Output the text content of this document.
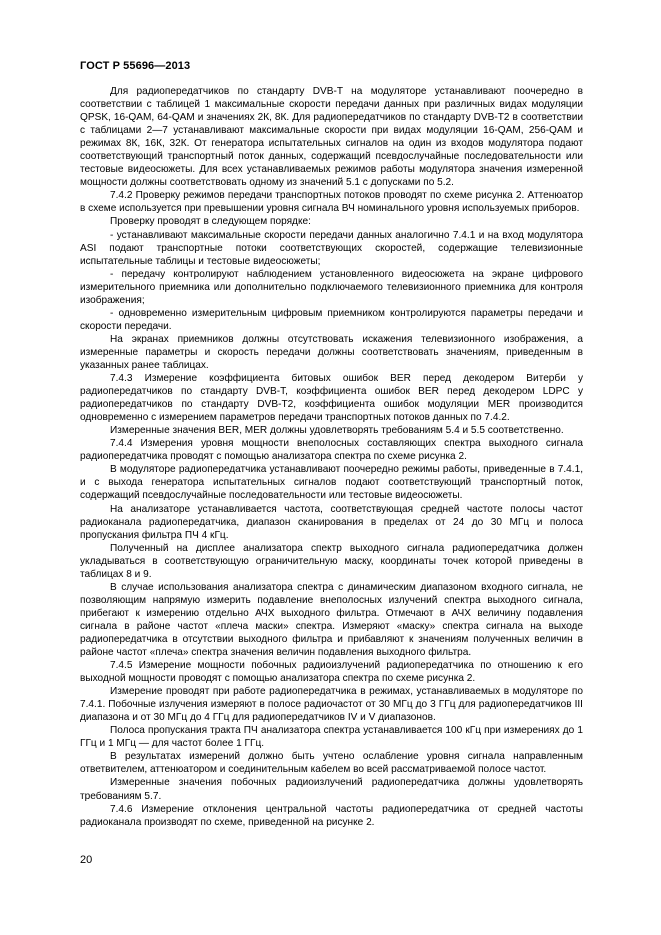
ГОСТ Р 55696—2013

Для радиопередатчиков по стандарту DVB-T на модуляторе устанавливают поочередно в соответствии с таблицей 1 максимальные скорости передачи данных при различных видах модуляции QPSK, 16-QAM, 64-QAM и значениях 2К, 8К. Для радиопередатчиков по стандарту DVB-T2 в соответствии с таблицами 2—7 устанавливают максимальные скорости при видах модуляции 16-QAM, 256-QAM и режимах 8К, 16К, 32К. От генератора испытательных сигналов на один из входов модулятора подают соответствующий транспортный поток данных, содержащий псевдослучайные последовательности или тестовые видеосюжеты. Для всех устанавливаемых режимов работы модулятора значения измеренной мощности должны соответствовать одному из значений 5.1 с допусками по 5.2.

7.4.2 Проверку режимов передачи транспортных потоков проводят по схеме рисунка 2. Аттенюатор в схеме используется при превышении уровня сигнала ВЧ номинального уровня используемых приборов.

Проверку проводят в следующем порядке:

- устанавливают максимальные скорости передачи данных аналогично 7.4.1 и на вход модулятора ASI подают транспортные потоки соответствующих скоростей, содержащие телевизионные испытательные таблицы и тестовые видеосюжеты;

- передачу контролируют наблюдением установленного видеосюжета на экране цифрового измерительного приемника или дополнительно подключаемого телевизионного приемника для контроля изображения;

- одновременно измерительным цифровым приемником контролируются параметры передачи и скорости передачи.

На экранах приемников должны отсутствовать искажения телевизионного изображения, а измеренные параметры и скорость передачи должны соответствовать значениям, приведенным в указанных ранее таблицах.

7.4.3 Измерение коэффициента битовых ошибок BER перед декодером Витерби у радиопередатчиков по стандарту DVB-T, коэффициента ошибок BER перед декодером LDPC у радиопередатчиков по стандарту DVB-T2, коэффициента ошибок модуляции MER производится одновременно с измерением параметров передачи транспортных потоков данных по 7.4.2.

Измеренные значения BER, MER должны удовлетворять требованиям 5.4 и 5.5 соответственно.

7.4.4 Измерения уровня мощности внеполосных составляющих спектра выходного сигнала радиопередатчика проводят с помощью анализатора спектра по схеме рисунка 2.

В модуляторе радиопередатчика устанавливают поочередно режимы работы, приведенные в 7.4.1, и с выхода генератора испытательных сигналов подают соответствующий транспортный поток, содержащий псевдослучайные последовательности или тестовые видеосюжеты.

На анализаторе устанавливается частота, соответствующая средней частоте полосы частот радиоканала радиопередатчика, диапазон сканирования в пределах от 24 до 30 МГц и полоса пропускания фильтра ПЧ 4 кГц.

Полученный на дисплее анализатора спектр выходного сигнала радиопередатчика должен укладываться в соответствующую ограничительную маску, координаты точек которой приведены в таблицах 8 и 9.

В случае использования анализатора спектра с динамическим диапазоном входного сигнала, не позволяющим напрямую измерить подавление внеполосных излучений спектра выходного сигнала, прибегают к измерению отдельно АЧХ выходного фильтра. Отмечают в АЧХ величину подавления сигнала в районе частот «плеча маски» спектра. Измеряют «маску» спектра сигнала на выходе радиопередатчика в отсутствии выходного фильтра и прибавляют к значениям полученных величин в районе частот «плеча» спектра значения величин подавления выходного фильтра.

7.4.5 Измерение мощности побочных радиоизлучений радиопередатчика по отношению к его выходной мощности проводят с помощью анализатора спектра по схеме рисунка 2.

Измерение проводят при работе радиопередатчика в режимах, устанавливаемых в модуляторе по 7.4.1. Побочные излучения измеряют в полосе радиочастот от 30 МГц до 3 ГГц для радиопередатчиков III диапазона и от 30 МГц до 4 ГГц для радиопередатчиков IV и V диапазонов.

Полоса пропускания тракта ПЧ анализатора спектра устанавливается 100 кГц при измерениях до 1 ГГц и 1 МГц — для частот более 1 ГГц.

В результатах измерений должно быть учтено ослабление уровня сигнала направленным ответвителем, аттенюатором и соединительным кабелем во всей рассматриваемой полосе частот.

Измеренные значения побочных радиоизлучений радиопередатчика должны удовлетворять требованиям 5.7.

7.4.6 Измерение отклонения центральной частоты радиопередатчика от средней частоты радиоканала производят по схеме, приведенной на рисунке 2.

20
